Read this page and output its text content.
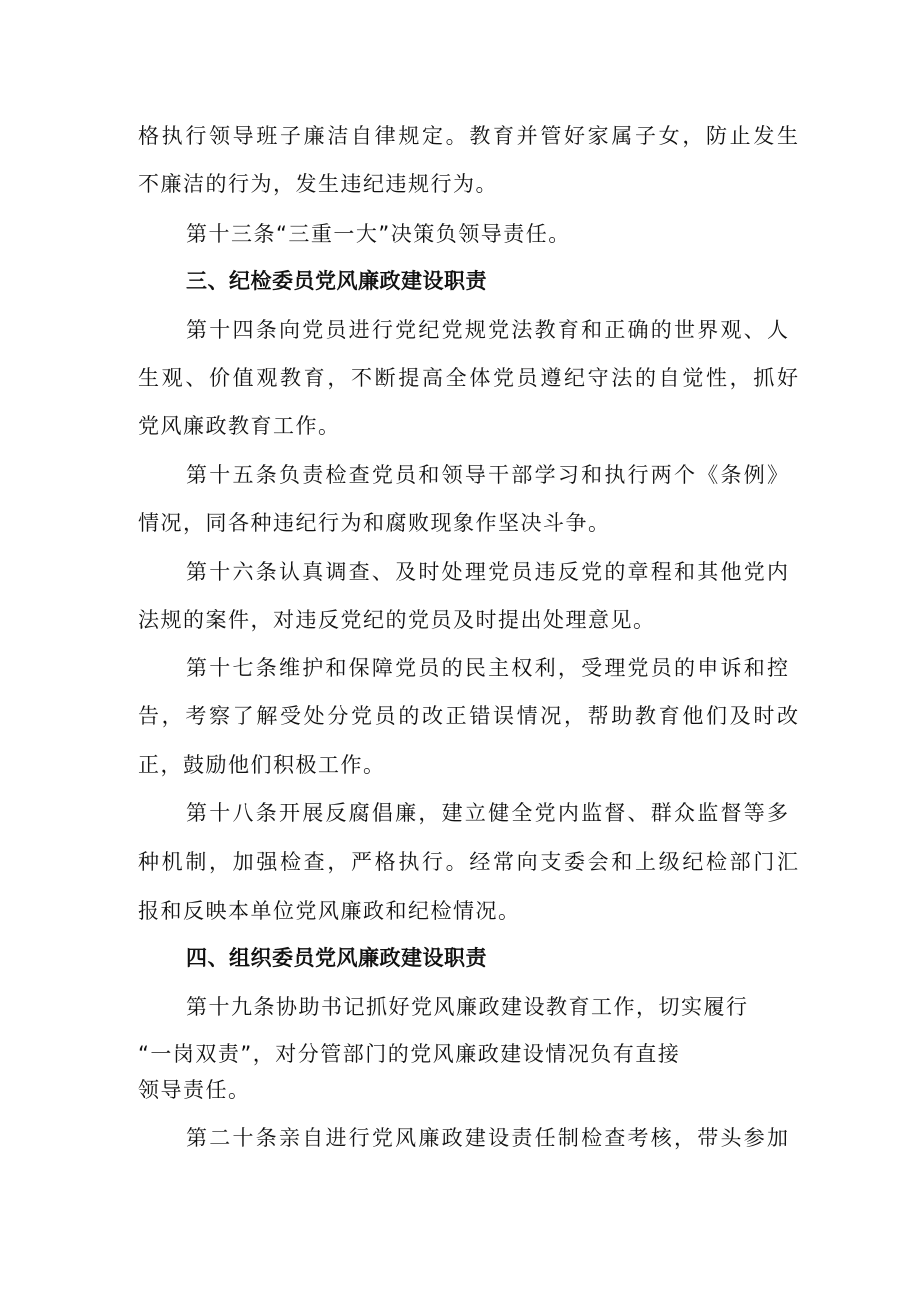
格执行领导班子廉洁自律规定。教育并管好家属子女，防止发生
不廉洁的行为，发生违纪违规行为。
第十三条“三重一大”决策负领导责任。
三、纪检委员党风廉政建设职责
第十四条向党员进行党纪党规党法教育和正确的世界观、人
生观、价值观教育，不断提高全体党员遵纪守法的自觉性，抓好
党风廉政教育工作。
第十五条负责检查党员和领导干部学习和执行两个《条例》
情况，同各种违纪行为和腐败现象作坚决斗争。
第十六条认真调查、及时处理党员违反党的章程和其他党内
法规的案件，对违反党纪的党员及时提出处理意见。
第十七条维护和保障党员的民主权利，受理党员的申诉和控
告，考察了解受处分党员的改正错误情况，帮助教育他们及时改
正，鼓励他们积极工作。
第十八条开展反腐倡廉，建立健全党内监督、群众监督等多
种机制，加强检查，严格执行。经常向支委会和上级纪检部门汇
报和反映本单位党风廉政和纪检情况。
四、组织委员党风廉政建设职责
第十九条协助书记抓好党风廉政建设教育工作，切实履行
“一岗双责”，对分管部门的党风廉政建设情况负有直接
领导责任。
第二十条亲自进行党风廉政建设责任制检查考核，带头参加
